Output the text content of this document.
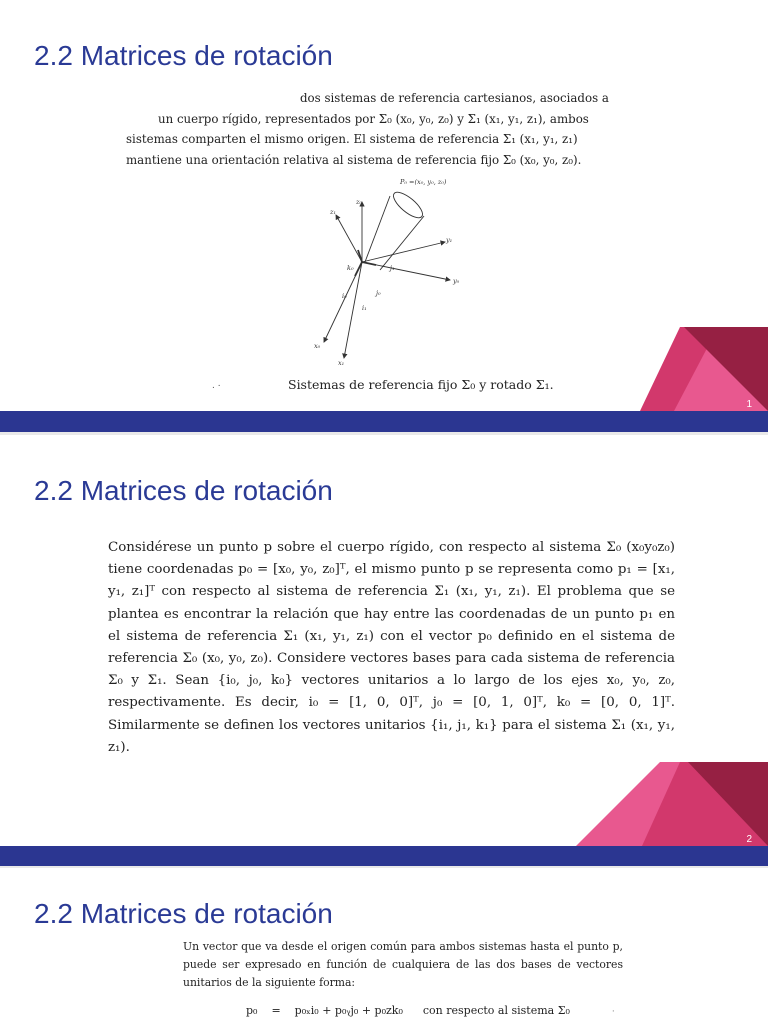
2.2 Matrices de rotación

dos sistemas de referencia cartesianos, asociados a

un cuerpo rígido, representados por Σ₀ (x₀, y₀, z₀) y Σ₁ (x₁, y₁, z₁), ambos

sistemas comparten el mismo origen. El sistema de referencia Σ₁ (x₁, y₁, z₁)

mantiene una orientación relativa al sistema de referencia fijo Σ₀ (x₀, y₀, z₀).

P₀ =(x₀, y₀, z₀)
z₀
z₁
y₀
y₁
x₀
x₁
k₀
j₀
j₁
i₀
i₁
. ·	Sistemas de referencia fijo Σ₀ y rotado Σ₁.
1
2.2 Matrices de rotación
Considérese un punto p sobre el cuerpo rígido, con respecto al sistema Σ₀ (x₀y₀z₀) tiene coordenadas p₀ = [x₀, y₀, z₀]ᵀ, el mismo punto p se representa como p₁ = [x₁, y₁, z₁]ᵀ con respecto al sistema de referencia Σ₁ (x₁, y₁, z₁). El problema que se plantea es encontrar la relación que hay entre las coordenadas de un punto p₁ en el sistema de referencia Σ₁ (x₁, y₁, z₁) con el vector p₀ definido en el sistema de referencia Σ₀ (x₀, y₀, z₀). Considere vectores bases para cada sistema de referencia Σ₀ y Σ₁. Sean {i₀, j₀, k₀} vectores unitarios a lo largo de los ejes x₀, y₀, z₀, respectivamente. Es decir, i₀ = [1, 0, 0]ᵀ, j₀ = [0, 1, 0]ᵀ, k₀ = [0, 0, 1]ᵀ. Similarmente se definen los vectores unitarios {i₁, j₁, k₁} para el sistema Σ₁ (x₁, y₁, z₁).
2
2.2 Matrices de rotación
Un vector que va desde el origen común para ambos sistemas hasta el punto p, puede ser expresado en función de cualquiera de las dos bases de vectores unitarios de la siguiente forma:
p₀ = p₀ₓi₀ + p₀ᵧj₀ + p₀zk₀ con respecto al sistema Σ₀	·
